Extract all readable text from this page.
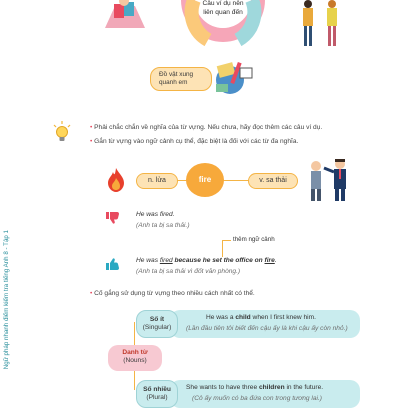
Ngữ pháp nhanh điểm kiểm tra tiếng Anh 8 - Tập 1
Câu ví dụ nên liên quan đến
Đồ vật xung quanh em
• Phải chắc chắn về nghĩa của từ vựng. Nếu chưa, hãy đọc thêm các câu ví dụ.
• Gắn từ vựng vào ngữ cảnh cụ thể, đặc biệt là đối với các từ đa nghĩa.
n. lửa	fire	v. sa thải
He was fired.
(Anh ta bị sa thải.)
thêm ngữ cảnh
He was fired because he set the office on fire.
(Anh ta bị sa thải vì đốt văn phòng.)
• Cố gắng sử dụng từ vựng theo nhiều cách nhất có thể.
Danh từ
(Nouns)
Số ít
(Singular)
He was a child when I first knew him.
(Lần đầu tiên tôi biết đến cậu ấy là khi cậu ấy còn nhỏ.)
Số nhiều
(Plural)
She wants to have three children in the future.
(Cô ấy muốn có ba đứa con trong tương lai.)
